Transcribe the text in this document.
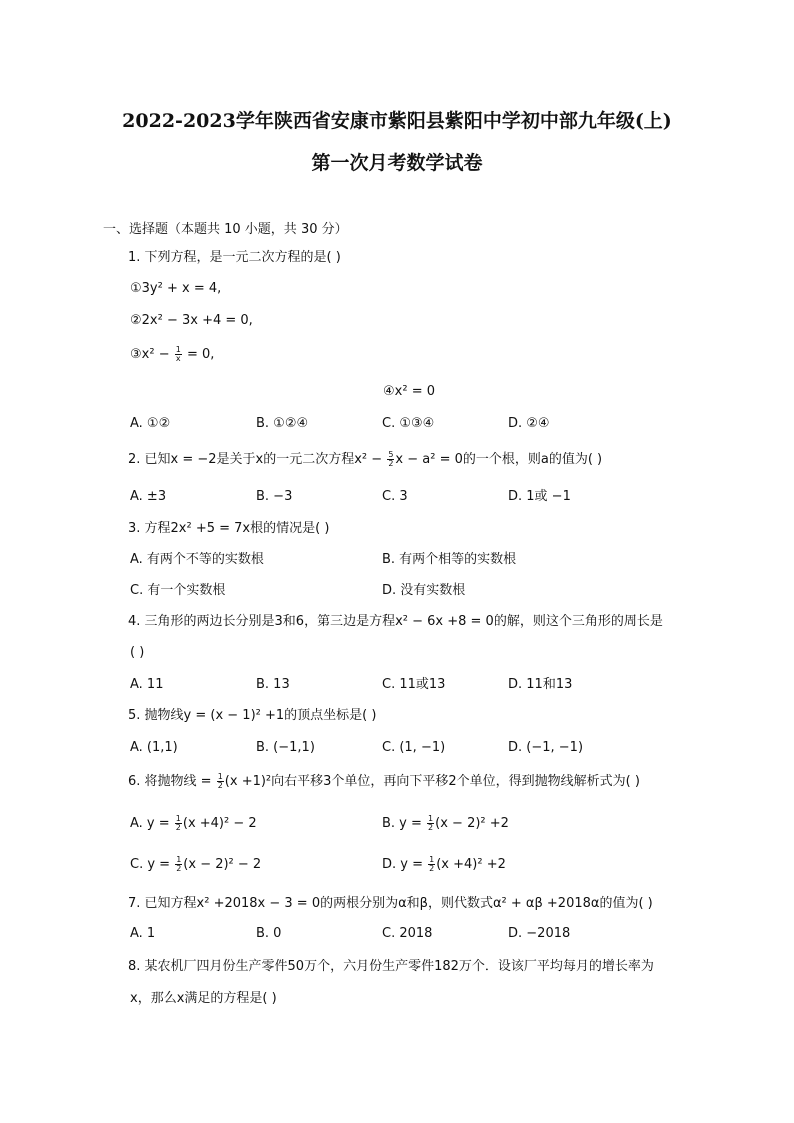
2022-2023学年陕西省安康市紫阳县紫阳中学初中部九年级(上)
第一次月考数学试卷
一、选择题（本题共 10 小题，共 30 分）
1. 下列方程，是一元二次方程的是( )
①3y² + x = 4,
②2x² − 3x +4 = 0,
③x² − $\frac{1}{x} = 0$,
④x² = 0
A. ①②	B. ①②④	C. ①③④	D. ②④
2. 已知x = −2是关于x的一元二次方程$x^2 - \frac{5}{2}$ x − a² = 0的一个根，则a的值为( )
A. ±3	B. −3	C. 3	D. 1或 −1
3. 方程2x² +5 = 7x根的情况是( )
A. 有两个不等的实数根	B. 有两个相等的实数根
C. 有一个实数根	D. 没有实数根
4. 三角形的两边长分别是3和6，第三边是方程x² − 6x +8 = 0的解，则这个三角形的周长是
( )
A. 11	B. 13	C. 11或13	D. 11和13
5. 抛物线y = (x − 1)² +1的顶点坐标是( )
A. (1,1)	B. (−1,1)	C. (1, −1)	D. (−1, −1)
6. 将抛物线 = $\frac{1}{2} (x +1)^2$向右平移3个单位，再向下平移2个单位，得到抛物线解析式为( )
A. $y = \frac{1}{2} (x +4)^2 - 2$	B. $y = \frac{1}{2} (x - 2)^2 +2$
C. $y = \frac{1}{2} (x - 2)^2 - 2$	D. $y = \frac{1}{2} (x +4)^2 +2$
7. 已知方程x² +2018x − 3 = 0的两根分别为α和β，则代数式α² + αβ +2018α的值为( )
A. 1	B. 0	C. 2018	D. −2018
8. 某农机厂四月份生产零件50万个，六月份生产零件182万个．设该厂平均每月的增长率为
x，那么x满足的方程是( )
